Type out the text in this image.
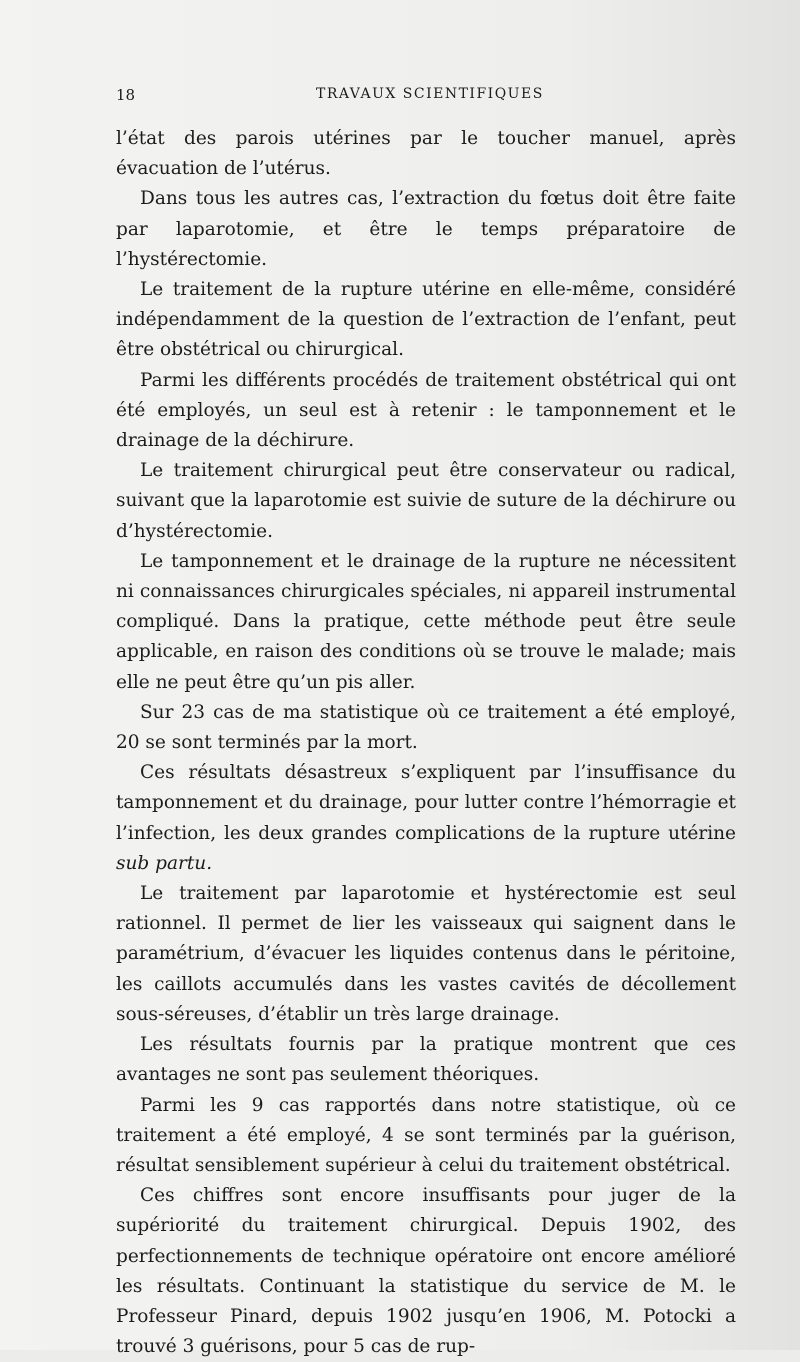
18	TRAVAUX SCIENTIFIQUES

l’état des parois utérines par le toucher manuel, après évacuation de l’utérus.

Dans tous les autres cas, l’extraction du fœtus doit être faite par laparotomie, et être le temps préparatoire de l’hystérectomie.

Le traitement de la rupture utérine en elle-même, considéré indépendamment de la question de l’extraction de l’enfant, peut être obstétrical ou chirurgical.

Parmi les différents procédés de traitement obstétrical qui ont été employés, un seul est à retenir : le tamponnement et le drainage de la déchirure.

Le traitement chirurgical peut être conservateur ou radical, suivant que la laparotomie est suivie de suture de la déchirure ou d’hystérectomie.

Le tamponnement et le drainage de la rupture ne nécessitent ni connaissances chirurgicales spéciales, ni appareil instrumental compliqué. Dans la pratique, cette méthode peut être seule applicable, en raison des conditions où se trouve le malade; mais elle ne peut être qu’un pis aller.

Sur 23 cas de ma statistique où ce traitement a été employé, 20 se sont terminés par la mort.

Ces résultats désastreux s’expliquent par l’insuffisance du tamponnement et du drainage, pour lutter contre l’hémorragie et l’infection, les deux grandes complications de la rupture utérine sub partu.

Le traitement par laparotomie et hystérectomie est seul rationnel. Il permet de lier les vaisseaux qui saignent dans le paramétrium, d’évacuer les liquides contenus dans le péritoine, les caillots accumulés dans les vastes cavités de décollement sous-séreuses, d’établir un très large drainage.

Les résultats fournis par la pratique montrent que ces avantages ne sont pas seulement théoriques.

Parmi les 9 cas rapportés dans notre statistique, où ce traitement a été employé, 4 se sont terminés par la guérison, résultat sensiblement supérieur à celui du traitement obstétrical.

Ces chiffres sont encore insuffisants pour juger de la supériorité du traitement chirurgical. Depuis 1902, des perfectionnements de technique opératoire ont encore amélioré les résultats. Continuant la statistique du service de M. le Professeur Pinard, depuis 1902 jusqu’en 1906, M. Potocki a trouvé 3 guérisons, pour 5 cas de rup-
